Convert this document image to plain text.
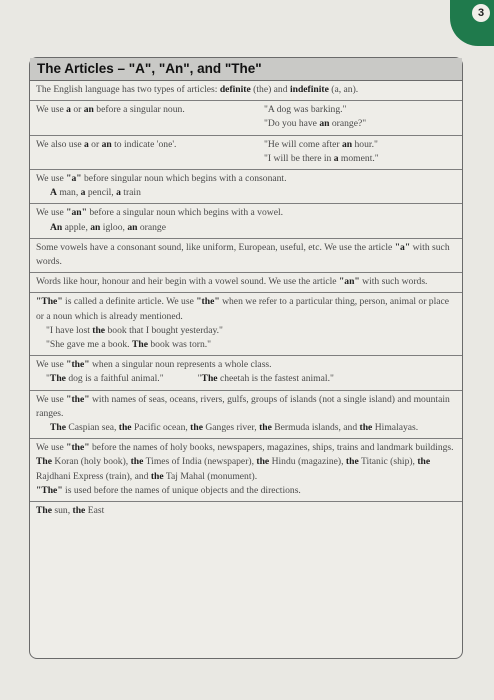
3
The Articles – "A", "An", and "The"
The English language has two types of articles: definite (the) and indefinite (a, an).
We use a or an before a singular noun.	"A dog was barking."
"Do you have an orange?"
We also use a or an to indicate 'one'.	"He will come after an hour."
"I will be there in a moment."
We use "a" before singular noun which begins with a consonant.
A man, a pencil, a train
We use "an" before a singular noun which begins with a vowel.
An apple, an igloo, an orange
Some vowels have a consonant sound, like uniform, European, useful, etc. We use the article "a" with such words.
Words like hour, honour and heir begin with a vowel sound. We use the article "an" with such words.
"The" is called a definite article. We use "the" when we refer to a particular thing, person, animal or place or a noun which is already mentioned.
"I have lost the book that I bought yesterday."
"She gave me a book. The book was torn."
We use "the" when a singular noun represents a whole class.
"The dog is a faithful animal."	"The cheetah is the fastest animal."
We use "the" with names of seas, oceans, rivers, gulfs, groups of islands (not a single island) and mountain ranges.
The Caspian sea, the Pacific ocean, the Ganges river, the Bermuda islands, and the Himalayas.
We use "the" before the names of holy books, newspapers, magazines, ships, trains and landmark buildings.
The Koran (holy book), the Times of India (newspaper), the Hindu (magazine), the Titanic (ship), the Rajdhani Express (train), and the Taj Mahal (monument).
"The" is used before the names of unique objects and the directions.
The sun, the East
